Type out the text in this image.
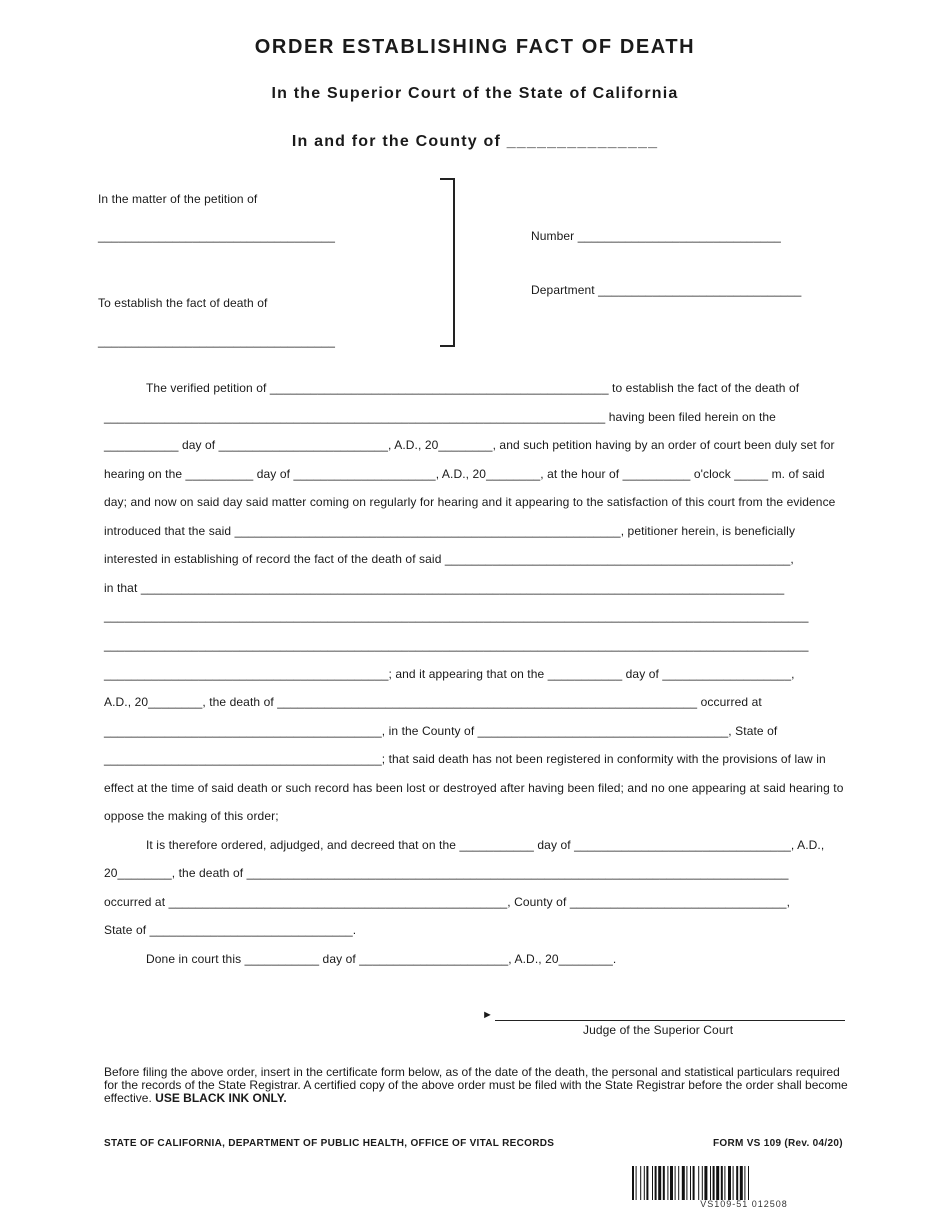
ORDER ESTABLISHING FACT OF DEATH
In the Superior Court of the State of California
In and for the County of _______________
In the matter of the petition of
___________________________________
To establish the fact of death of
___________________________________
Number ______________________________
Department ______________________________
The verified petition of __________________________________________________ to establish the fact of the death of
__________________________________________________________________________ having been filed herein on the
___________ day of _________________________, A.D., 20________, and such petition having by an order of court been duly set for
hearing on the __________ day of _____________________, A.D., 20________, at the hour of __________ o'clock _____ m. of said
day; and now on said day said matter coming on regularly for hearing and it appearing to the satisfaction of this court from the evidence
introduced that the said _________________________________________________________, petitioner herein, is beneficially
interested in establishing of record the fact of the death of said ___________________________________________________,
in that _______________________________________________________________________________________________
________________________________________________________________________________________________________
________________________________________________________________________________________________________
__________________________________________; and it appearing that on the ___________ day of ___________________,
A.D., 20________, the death of ______________________________________________________________ occurred at
_________________________________________, in the County of _____________________________________, State of
_________________________________________; that said death has not been registered in conformity with the provisions of law in
effect at the time of said death or such record has been lost or destroyed after having been filed; and no one appearing at said hearing to
oppose the making of this order;
It is therefore ordered, adjudged, and decreed that on the ___________ day of ________________________________, A.D.,
20________, the death of ________________________________________________________________________________
occurred at __________________________________________________, County of ________________________________,
State of ______________________________.
Done in court this ___________ day of ______________________, A.D., 20________.
►
Judge of the Superior Court
Before filing the above order, insert in the certificate form below, as of the date of the death, the personal and statistical particulars required for the records of the State Registrar. A certified copy of the above order must be filed with the State Registrar before the order shall become effective. USE BLACK INK ONLY.
STATE OF CALIFORNIA, DEPARTMENT OF PUBLIC HEALTH, OFFICE OF VITAL RECORDS	FORM VS 109 (Rev. 04/20)
VS109-51 012508
